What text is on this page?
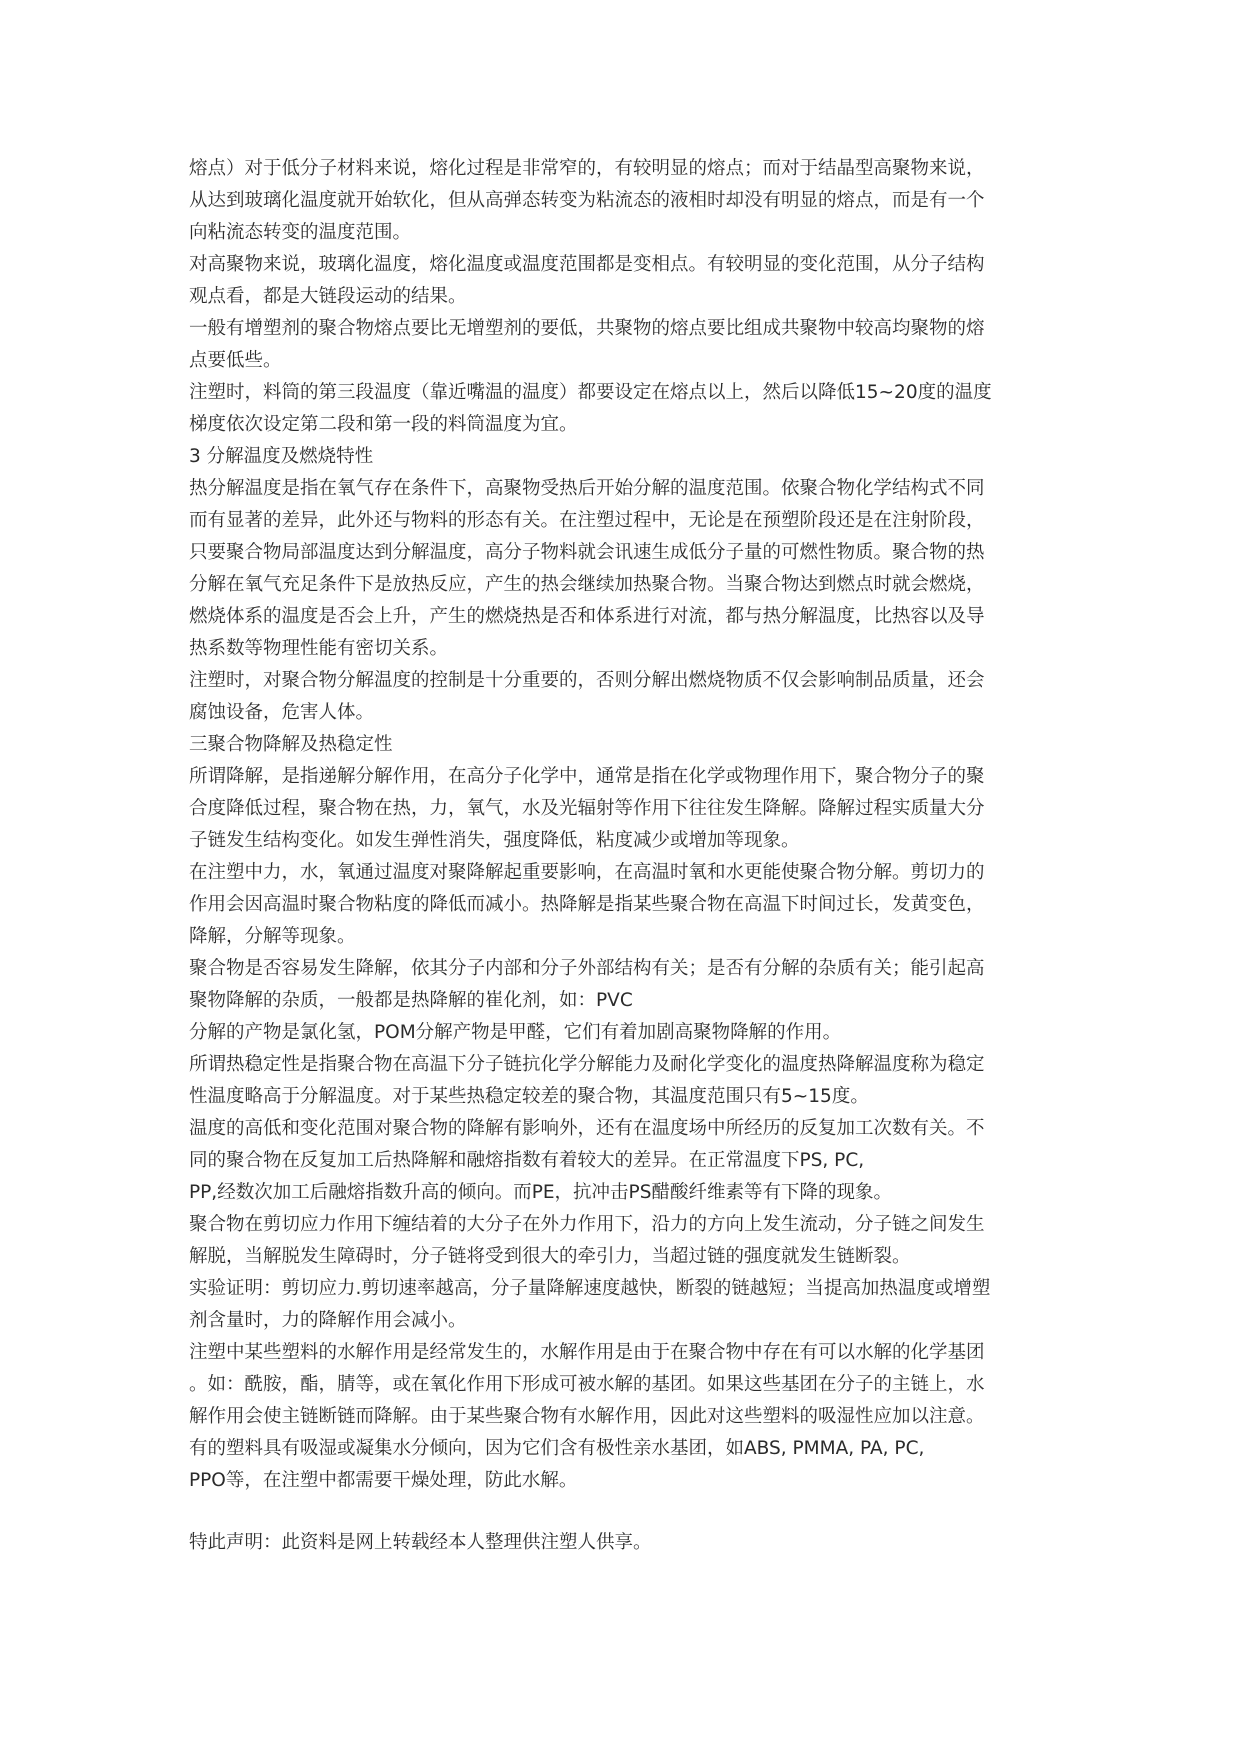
熔点）对于低分子材料来说，熔化过程是非常窄的，有较明显的熔点；而对于结晶型高聚物来说，
从达到玻璃化温度就开始软化，但从高弹态转变为粘流态的液相时却没有明显的熔点，而是有一个
向粘流态转变的温度范围。

对高聚物来说，玻璃化温度，熔化温度或温度范围都是变相点。有较明显的变化范围，从分子结构
观点看，都是大链段运动的结果。

一般有增塑剂的聚合物熔点要比无增塑剂的要低，共聚物的熔点要比组成共聚物中较高均聚物的熔
点要低些。

注塑时，料筒的第三段温度（靠近嘴温的温度）都要设定在熔点以上，然后以降低15~20度的温度
梯度依次设定第二段和第一段的料筒温度为宜。

3 分解温度及燃烧特性

热分解温度是指在氧气存在条件下，高聚物受热后开始分解的温度范围。依聚合物化学结构式不同
而有显著的差异，此外还与物料的形态有关。在注塑过程中，无论是在预塑阶段还是在注射阶段，
只要聚合物局部温度达到分解温度，高分子物料就会讯速生成低分子量的可燃性物质。聚合物的热
分解在氧气充足条件下是放热反应，产生的热会继续加热聚合物。当聚合物达到燃点时就会燃烧，
燃烧体系的温度是否会上升，产生的燃烧热是否和体系进行对流，都与热分解温度，比热容以及导
热系数等物理性能有密切关系。

注塑时，对聚合物分解温度的控制是十分重要的，否则分解出燃烧物质不仅会影响制品质量，还会
腐蚀设备，危害人体。

三聚合物降解及热稳定性

所谓降解，是指递解分解作用，在高分子化学中，通常是指在化学或物理作用下，聚合物分子的聚
合度降低过程，聚合物在热，力，氧气，水及光辐射等作用下往往发生降解。降解过程实质量大分
子链发生结构变化。如发生弹性消失，强度降低，粘度减少或增加等现象。

在注塑中力，水，氧通过温度对聚降解起重要影响，在高温时氧和水更能使聚合物分解。剪切力的
作用会因高温时聚合物粘度的降低而减小。热降解是指某些聚合物在高温下时间过长，发黄变色，
降解，分解等现象。

聚合物是否容易发生降解，依其分子内部和分子外部结构有关；是否有分解的杂质有关；能引起高
聚物降解的杂质，一般都是热降解的崔化剂，如：PVC

分解的产物是氯化氢，POM分解产物是甲醛，它们有着加剧高聚物降解的作用。

所谓热稳定性是指聚合物在高温下分子链抗化学分解能力及耐化学变化的温度热降解温度称为稳定
性温度略高于分解温度。对于某些热稳定较差的聚合物，其温度范围只有5~15度。

温度的高低和变化范围对聚合物的降解有影响外，还有在温度场中所经历的反复加工次数有关。不
同的聚合物在反复加工后热降解和融熔指数有着较大的差异。在正常温度下PS, PC,

PP,经数次加工后融熔指数升高的倾向。而PE，抗冲击PS醋酸纤维素等有下降的现象。

聚合物在剪切应力作用下缠结着的大分子在外力作用下，沿力的方向上发生流动，分子链之间发生
解脱，当解脱发生障碍时，分子链将受到很大的牵引力，当超过链的强度就发生链断裂。

实验证明：剪切应力.剪切速率越高，分子量降解速度越快，断裂的链越短；当提高加热温度或增塑
剂含量时，力的降解作用会减小。

注塑中某些塑料的水解作用是经常发生的，水解作用是由于在聚合物中存在有可以水解的化学基团
。如：酰胺，酯，腈等，或在氧化作用下形成可被水解的基团。如果这些基团在分子的主链上，水
解作用会使主链断链而降解。由于某些聚合物有水解作用，因此对这些塑料的吸湿性应加以注意。
有的塑料具有吸湿或凝集水分倾向，因为它们含有极性亲水基团，如ABS, PMMA, PA, PC,

PPO等，在注塑中都需要干燥处理，防此水解。

特此声明：此资料是网上转载经本人整理供注塑人供享。
